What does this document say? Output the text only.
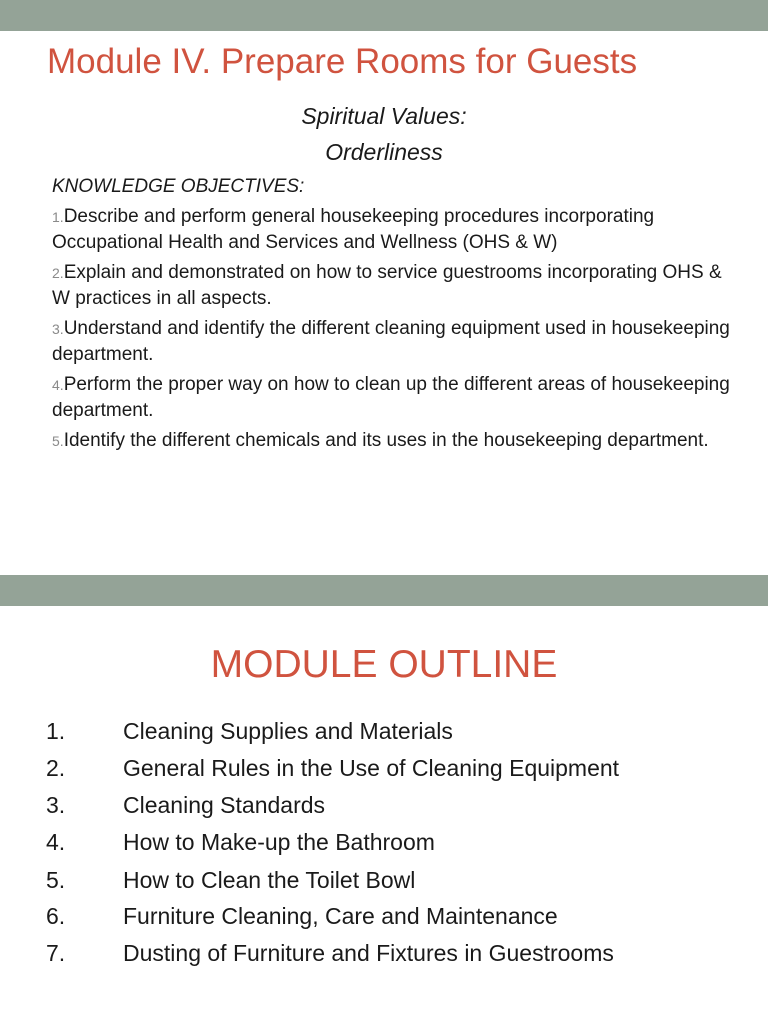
Module IV. Prepare Rooms for Guests

Spiritual Values:

Orderliness

KNOWLEDGE OBJECTIVES:

1.Describe and perform general housekeeping procedures incorporating Occupational Health and Services and Wellness (OHS & W)
2.Explain and demonstrated on how to service guestrooms incorporating OHS & W practices in all aspects.
3.Understand and identify the different cleaning equipment used in housekeeping department.
4.Perform the proper way on how to clean up the different areas of housekeeping department.
5.Identify the different chemicals and its uses in the housekeeping department.
MODULE OUTLINE
1.	Cleaning Supplies and Materials
2.	General Rules in the Use of Cleaning Equipment
3.	Cleaning Standards
4.	How to Make-up the Bathroom
5.	How to Clean the Toilet Bowl
6.	Furniture Cleaning, Care and Maintenance
7.	Dusting of Furniture and Fixtures in Guestrooms
